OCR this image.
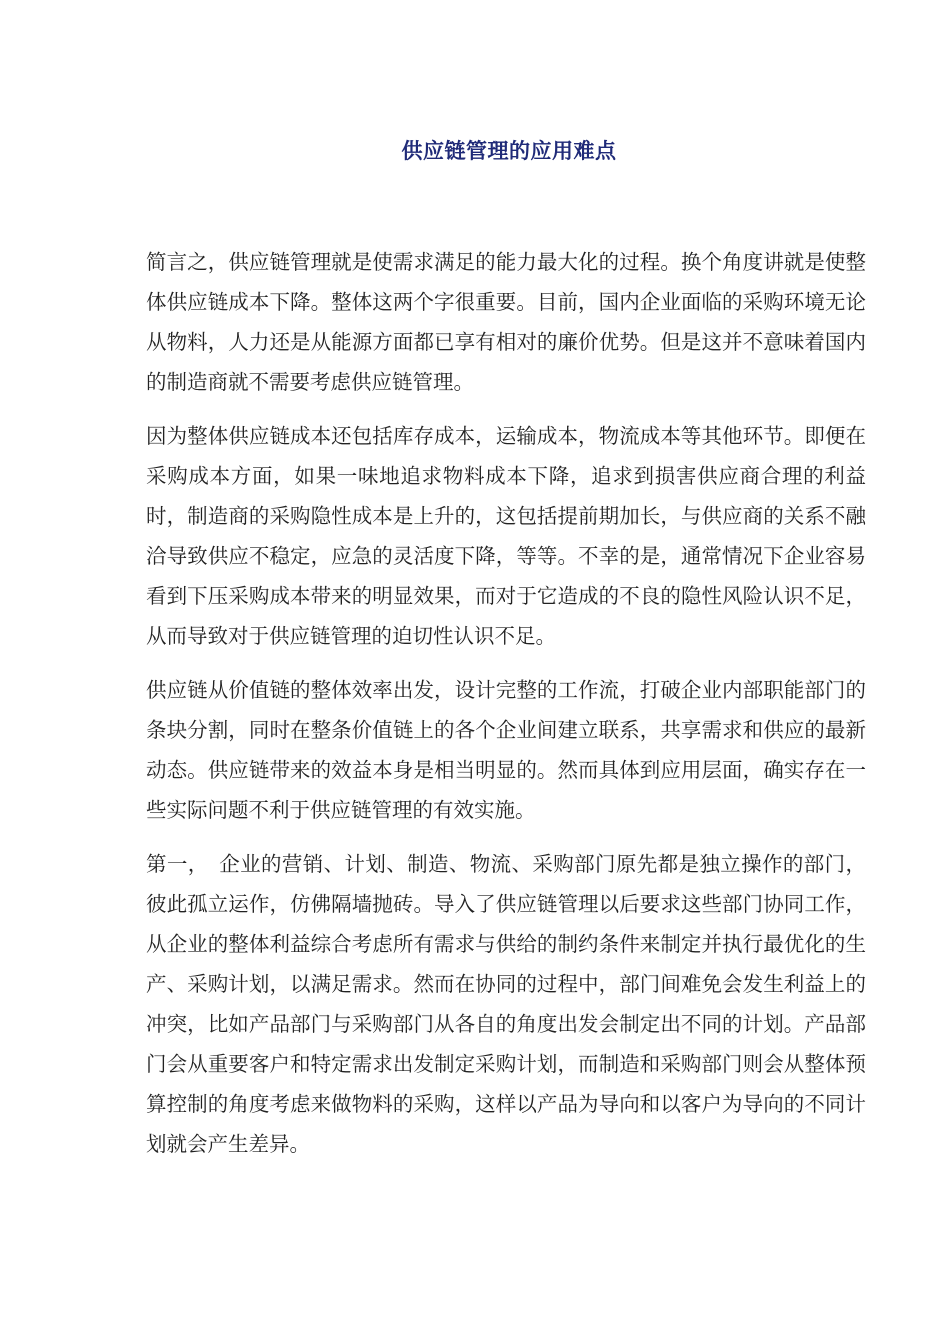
供应链管理的应用难点

简言之，供应链管理就是使需求满足的能力最大化的过程。换个角度讲就是使整体供应链成本下降。整体这两个字很重要。目前，国内企业面临的采购环境无论从物料，人力还是从能源方面都已享有相对的廉价优势。但是这并不意味着国内的制造商就不需要考虑供应链管理。

因为整体供应链成本还包括库存成本，运输成本，物流成本等其他环节。即便在采购成本方面，如果一味地追求物料成本下降，追求到损害供应商合理的利益时，制造商的采购隐性成本是上升的，这包括提前期加长，与供应商的关系不融洽导致供应不稳定，应急的灵活度下降，等等。不幸的是，通常情况下企业容易看到下压采购成本带来的明显效果，而对于它造成的不良的隐性风险认识不足，从而导致对于供应链管理的迫切性认识不足。

供应链从价值链的整体效率出发，设计完整的工作流，打破企业内部职能部门的条块分割，同时在整条价值链上的各个企业间建立联系，共享需求和供应的最新动态。供应链带来的效益本身是相当明显的。然而具体到应用层面，确实存在一些实际问题不利于供应链管理的有效实施。

第一，　企业的营销、计划、制造、物流、采购部门原先都是独立操作的部门，彼此孤立运作，仿佛隔墙抛砖。导入了供应链管理以后要求这些部门协同工作，从企业的整体利益综合考虑所有需求与供给的制约条件来制定并执行最优化的生产、采购计划，以满足需求。然而在协同的过程中，部门间难免会发生利益上的冲突，比如产品部门与采购部门从各自的角度出发会制定出不同的计划。产品部门会从重要客户和特定需求出发制定采购计划，而制造和采购部门则会从整体预算控制的角度考虑来做物料的采购，这样以产品为导向和以客户为导向的不同计划就会产生差异。
